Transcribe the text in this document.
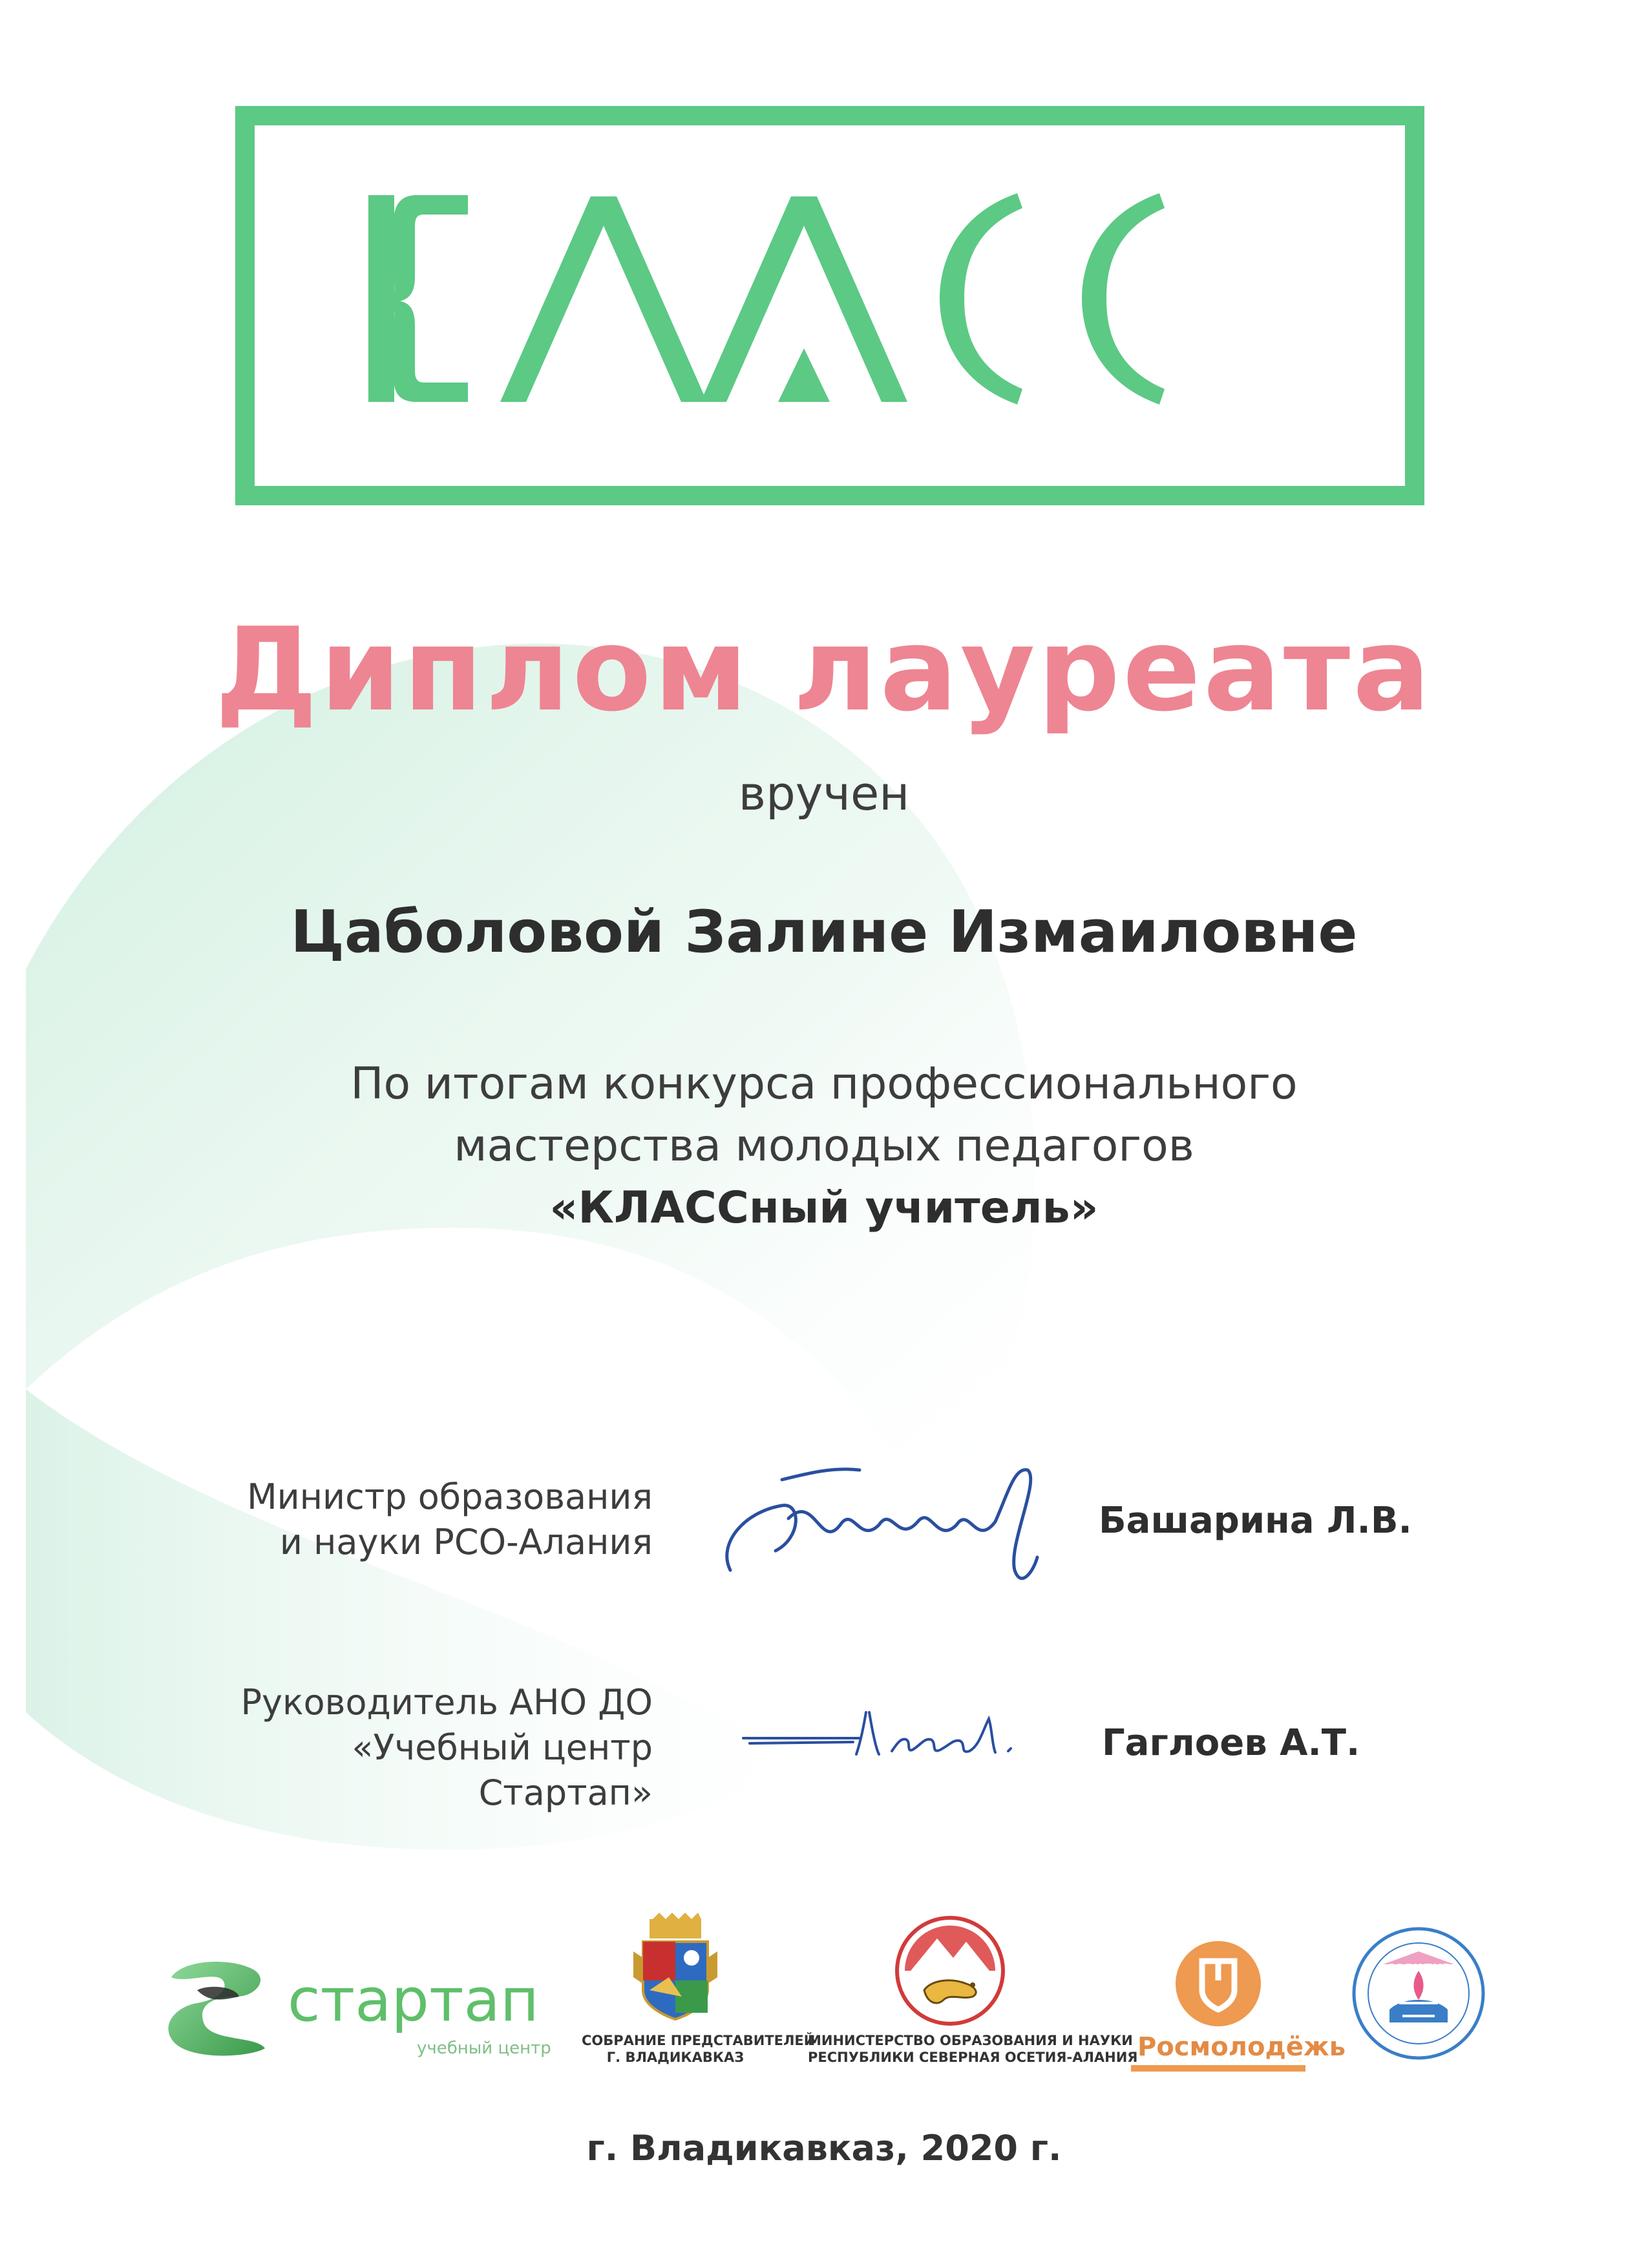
Диплом лауреата
вручен
Цаболовой Залине Измаиловне
По итогам конкурса профессионального
мастерства молодых педагогов
«КЛАССный учитель»
Министр образования
и науки РСО-Алания
Башарина Л.В.
Руководитель АНО ДО
«Учебный центр Стартап»
Гаглоев А.Т.
стартап
учебный центр СОБРАНИЕ ПРЕДСТАВИТЕЛЕЙ
Г. ВЛАДИКАВКАЗ
МИНИСТЕРСТВО ОБРАЗОВАНИЯ И НАУКИ
РЕСПУБЛИКИ СЕВЕРНАЯ ОСЕТИЯ-АЛАНИЯ Росмолодёжь
СОРИПКРО
г. Владикавказ, 2020 г.
